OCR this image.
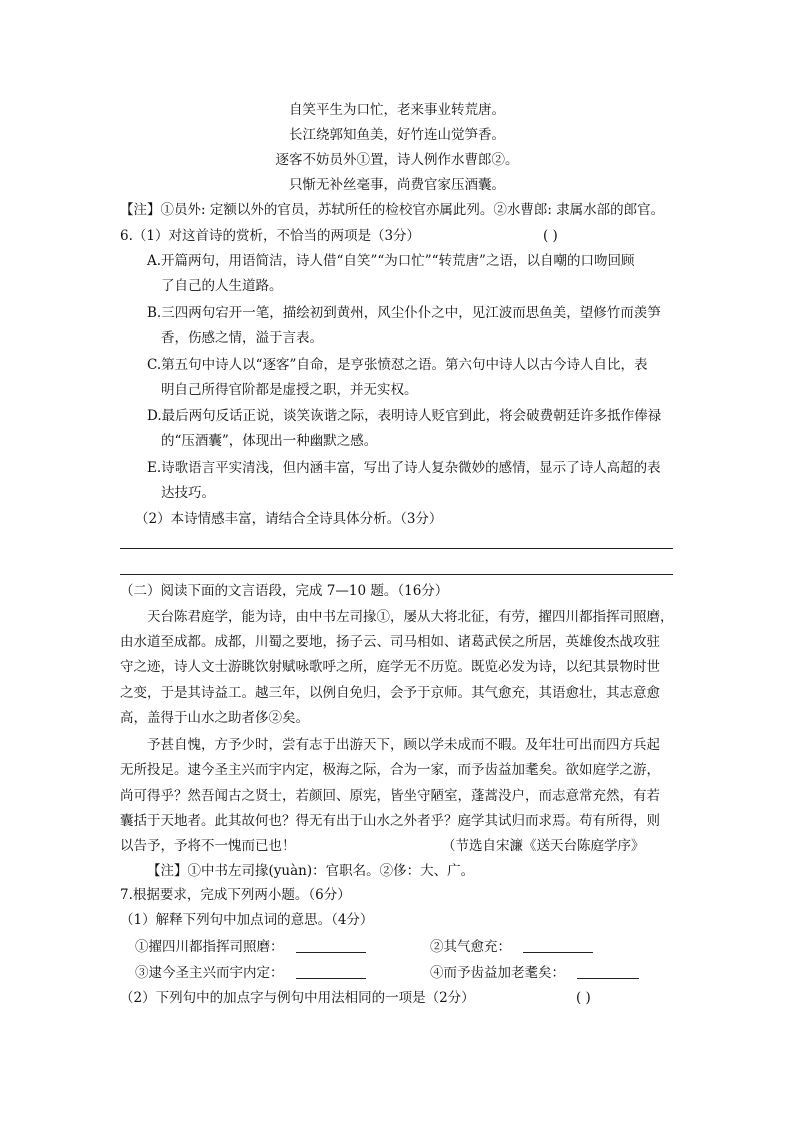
自笑平生为口忙，老来事业转荒唐。
长江绕郭知鱼美，好竹连山觉笋香。
逐客不妨员外①置，诗人例作水曹郎②。
只惭无补丝毫事，尚费官家压酒囊。
【注】①员外: 定额以外的官员，苏轼所任的检校官亦属此列。②水曹郎: 隶属水部的郎官。
6.（1）对这首诗的赏析，不恰当的两项是（3分）	( )
A.开篇两句，用语简洁，诗人借“自笑”“为口忙”“转荒唐”之语，以自嘲的口吻回顾
了自己的人生道路。
B.三四两句宕开一笔，描绘初到黄州，风尘仆仆之中，见江波而思鱼美，望修竹而羡笋
香，伤感之情，溢于言表。
C.第五句中诗人以“逐客”自命，是亨张愤怼之语。第六句中诗人以古今诗人自比，表
明自己所得官阶都是虚授之职，并无实权。
D.最后两句反话正说，谈笑诙谐之际，表明诗人贬官到此，将会破费朝廷许多抵作俸禄
的“压酒囊”，体现出一种幽默之感。
E.诗歌语言平实清浅，但内涵丰富，写出了诗人复杂微妙的感情，显示了诗人高超的表
达技巧。
（2）本诗情感丰富，请结合全诗具体分析。（3分）
（二）阅读下面的文言语段，完成 7—10 题。（16分）
天台陈君庭学，能为诗，由中书左司掾①，屡从大将北征，有劳，擢四川都指挥司照磨，
由水道至成都。成都，川蜀之要地，扬子云、司马相如、诸葛武侯之所居，英雄俊杰战攻驻
守之迹，诗人文士游眺饮射赋咏歌呼之所，庭学无不历览。既览必发为诗，以纪其景物时世
之变，于是其诗益工。越三年，以例自免归，会予于京师。其气愈充，其语愈壮，其志意愈
高，盖得于山水之助者侈②矣。
予甚自愧，方予少时，尝有志于出游天下，顾以学未成而不暇。及年壮可出而四方兵起
无所投足。逮今圣主兴而宇内定，极海之际，合为一家，而予齿益加耄矣。欲如庭学之游，
尚可得乎？然吾闻古之贤士，若颜回、原宪，皆坐守陋室，蓬蒿没户，而志意常充然，有若
囊括于天地者。此其故何也？得无有出于山水之外者乎？庭学其试归而求焉。苟有所得，则
以告予，予将不一愧而已也！	（节选自宋濂《送天台陈庭学序》
【注】①中书左司掾(yuàn)：官职名。②侈：大、广。
7.根据要求，完成下列两小题。（6分）
（1）解释下列句中加点词的意思。（4分）
①擢四川都指挥司照磨：	②其气愈充：
③逮今圣主兴而宇内定：	④而予齿益加老耄矣：
（2）下列句中的加点字与例句中用法相同的一项是（2分）	( )
